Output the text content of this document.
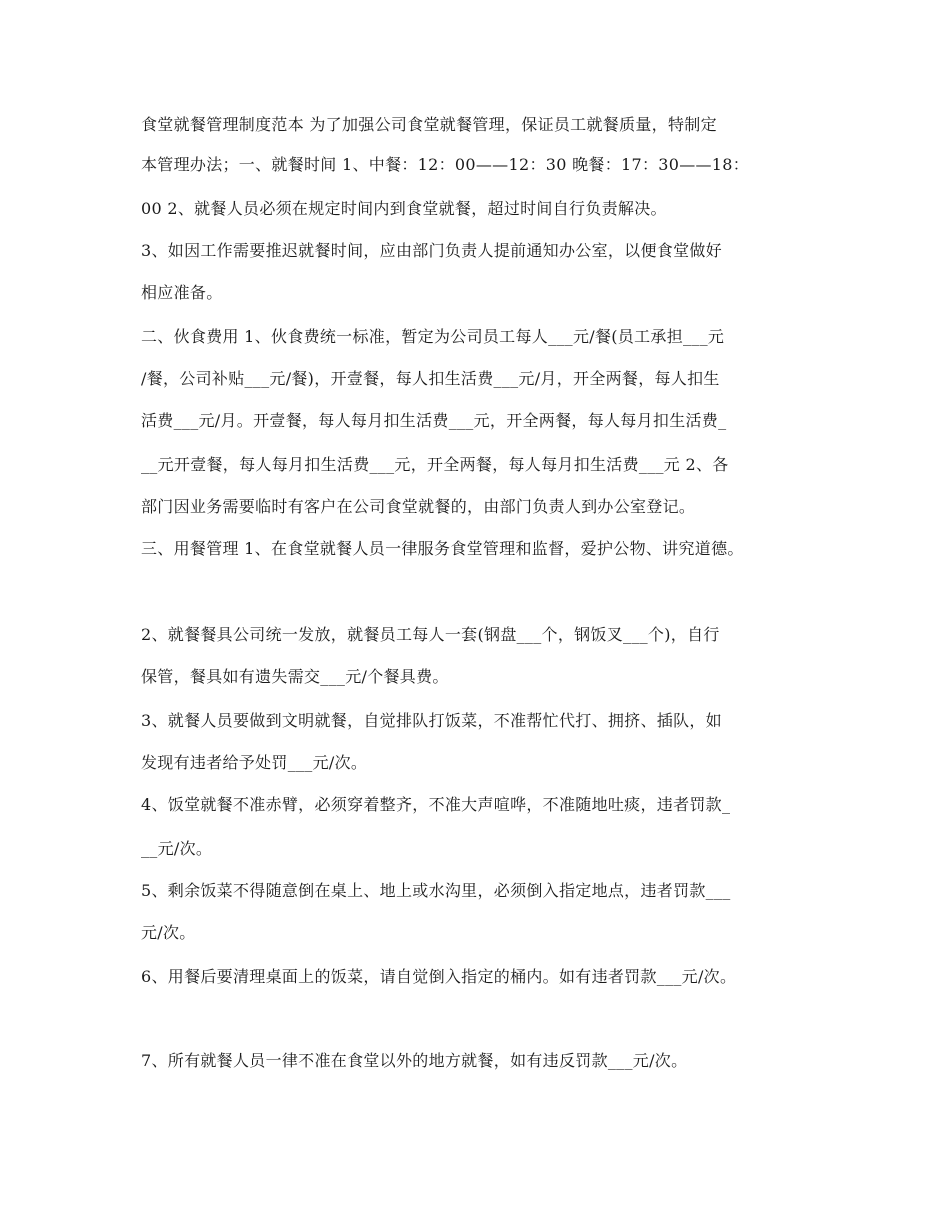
食堂就餐管理制度范本 为了加强公司食堂就餐管理，保证员工就餐质量，特制定
本管理办法；一、就餐时间 1、中餐：12：00——12：30 晚餐：17：30——18：
00 2、就餐人员必须在规定时间内到食堂就餐，超过时间自行负责解决。
3、如因工作需要推迟就餐时间，应由部门负责人提前通知办公室，以便食堂做好
相应准备。
二、伙食费用 1、伙食费统一标准，暂定为公司员工每人___元/餐(员工承担___元
/餐，公司补贴___元/餐)，开壹餐，每人扣生活费___元/月，开全两餐，每人扣生
活费___元/月。开壹餐，每人每月扣生活费___元，开全两餐，每人每月扣生活费_
__元开壹餐，每人每月扣生活费___元，开全两餐，每人每月扣生活费___元 2、各
部门因业务需要临时有客户在公司食堂就餐的，由部门负责人到办公室登记。
三、用餐管理 1、在食堂就餐人员一律服务食堂管理和监督，爱护公物、讲究道德。
2、就餐餐具公司统一发放，就餐员工每人一套(钢盘___个，钢饭叉___个)，自行
保管，餐具如有遗失需交___元/个餐具费。
3、就餐人员要做到文明就餐，自觉排队打饭菜，不准帮忙代打、拥挤、插队，如
发现有违者给予处罚___元/次。
4、饭堂就餐不准赤臂，必须穿着整齐，不准大声喧哗，不准随地吐痰，违者罚款_
__元/次。
5、剩余饭菜不得随意倒在桌上、地上或水沟里，必须倒入指定地点，违者罚款___
元/次。
6、用餐后要清理桌面上的饭菜，请自觉倒入指定的桶内。如有违者罚款___元/次。
7、所有就餐人员一律不准在食堂以外的地方就餐，如有违反罚款___元/次。
